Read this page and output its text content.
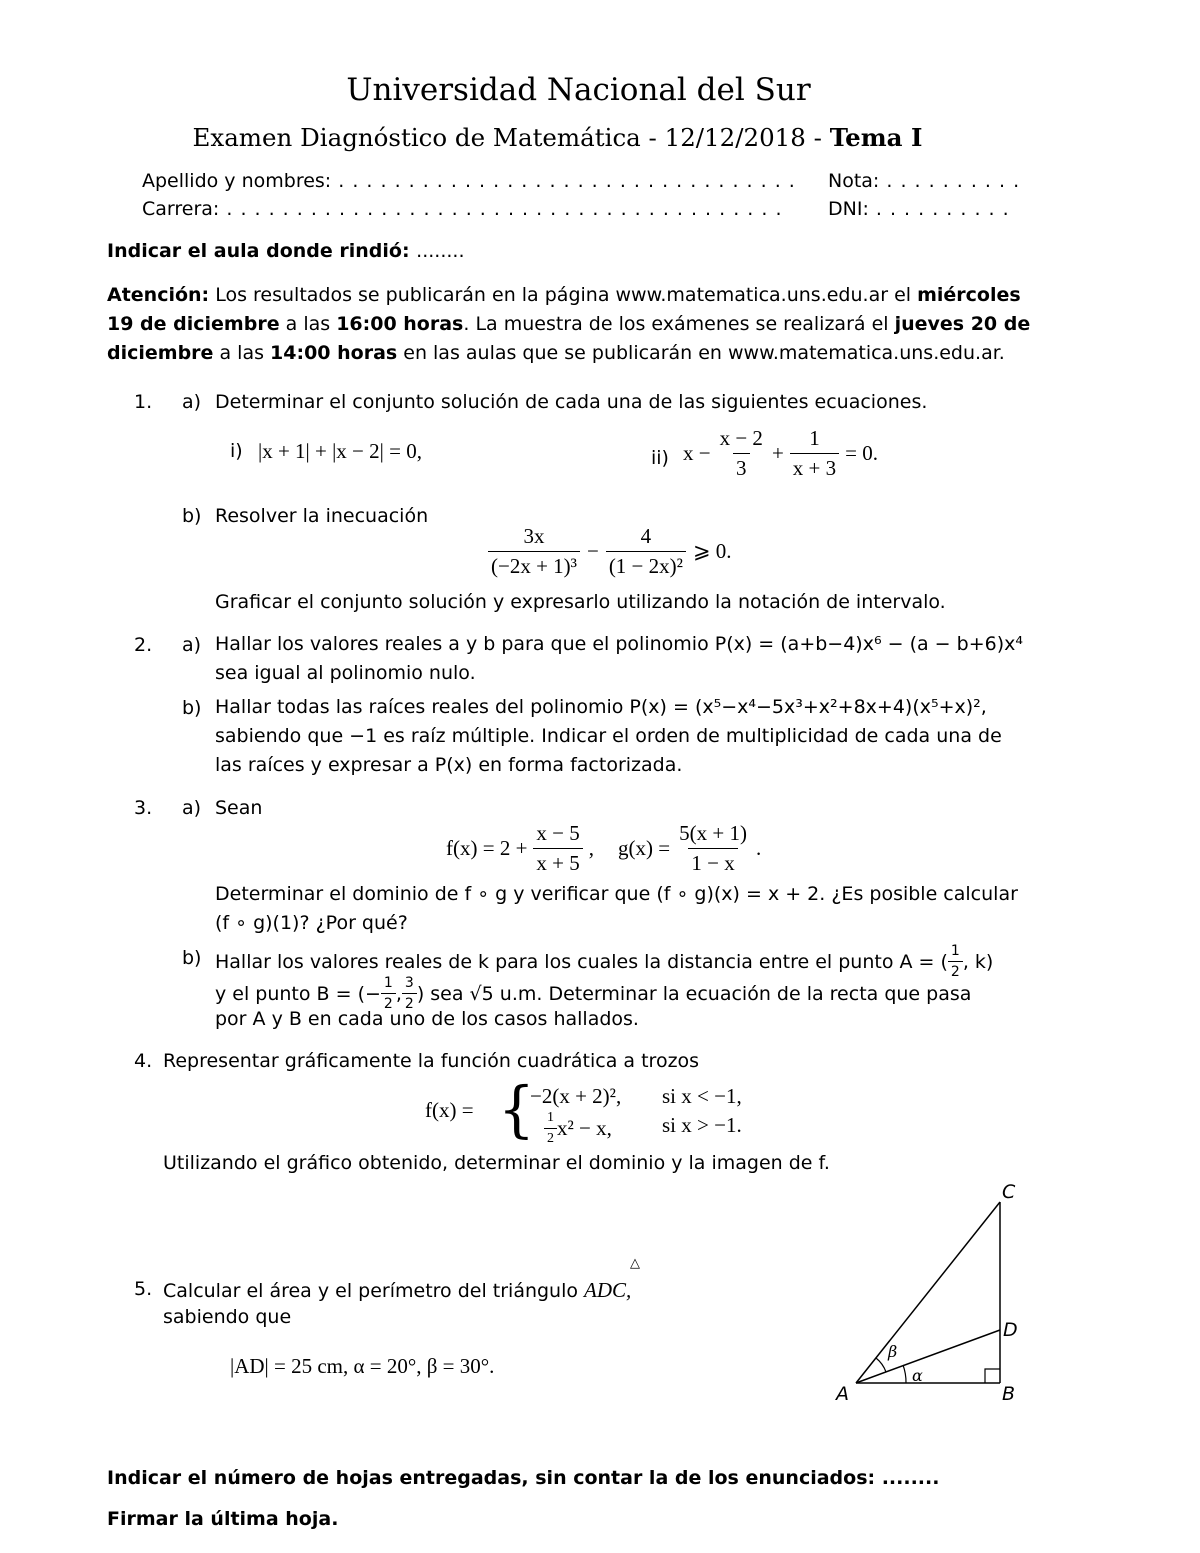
Universidad Nacional del Sur
Examen Diagnóstico de Matemática - 12/12/2018 - Tema I
Apellido y nombres: . . . . . . . . . . . . . . . . . . . . . . . . . . . . . . . . . Nota: . . . . . . . . . .
Carrera: . . . . . . . . . . . . . . . . . . . . . . . . . . . . . . . . . . . . . . . . DNI: . . . . . . . . . .
Indicar el aula donde rindió: ........
Atención: Los resultados se publicarán en la página www.matematica.uns.edu.ar el miércoles
19 de diciembre a las 16:00 horas. La muestra de los exámenes se realizará el jueves 20 de
diciembre a las 14:00 horas en las aulas que se publicarán en www.matematica.uns.edu.ar.
1. a) Determinar el conjunto solución de cada una de las siguientes ecuaciones.
i) |x + 1| + |x − 2| = 0,	ii) $x - \frac{x - 2}{3} + \frac{1}{x + 3} = 0$.
b) Resolver la inecuación
$\frac{3x}{\text{(−2x + 1)³}} - \frac{4}{\text{(1 − 2x)²}}$ ⩾ 0.
Graficar el conjunto solución y expresarlo utilizando la notación de intervalo.
2. a) Hallar los valores reales a y b para que el polinomio P(x) = (a+b−4)x⁶ − (a − b+6)x⁴
sea igual al polinomio nulo.
b) Hallar todas las raíces reales del polinomio P(x) = (x⁵−x⁴−5x³+x²+8x+4)(x⁵+x)²,
sabiendo que −1 es raíz múltiple. Indicar el orden de multiplicidad de cada una de
las raíces y expresar a P(x) en forma factorizada.
3. a) Sean
$f(x) = 2 + \frac{x - 5}{x + 5}$ , $g(x) = \frac{5(x + 1)}{1 - x}$ .
Determinar el dominio de f ∘ g y verificar que (f ∘ g)(x) = x + 2. ¿Es posible calcular
(f ∘ g)(1)? ¿Por qué?
b) Hallar los valores reales de k para los cuales la distancia entre el punto A = ( $\frac{1}{2}$ , k)
y el punto B = (− $\frac{1}{2}$ , $\frac{3}{2}$ ) sea √5 u.m. Determinar la ecuación de la recta que pasa
por A y B en cada uno de los casos hallados.
4. Representar gráficamente la función cuadrática a trozos
f(x) = {
−2(x + 2)², si x < −1,
$\frac{1}{2} x^2 - x$, si x > −1.
Utilizando el gráfico obtenido, determinar el dominio y la imagen de f.
5. Calcular el área y el perímetro del triángulo ADC,
△
sabiendo que
|AD| = 25 cm, α = 20°, β = 30°.
C
D
A	B
α
β
Indicar el número de hojas entregadas, sin contar la de los enunciados: ........
Firmar la última hoja.
